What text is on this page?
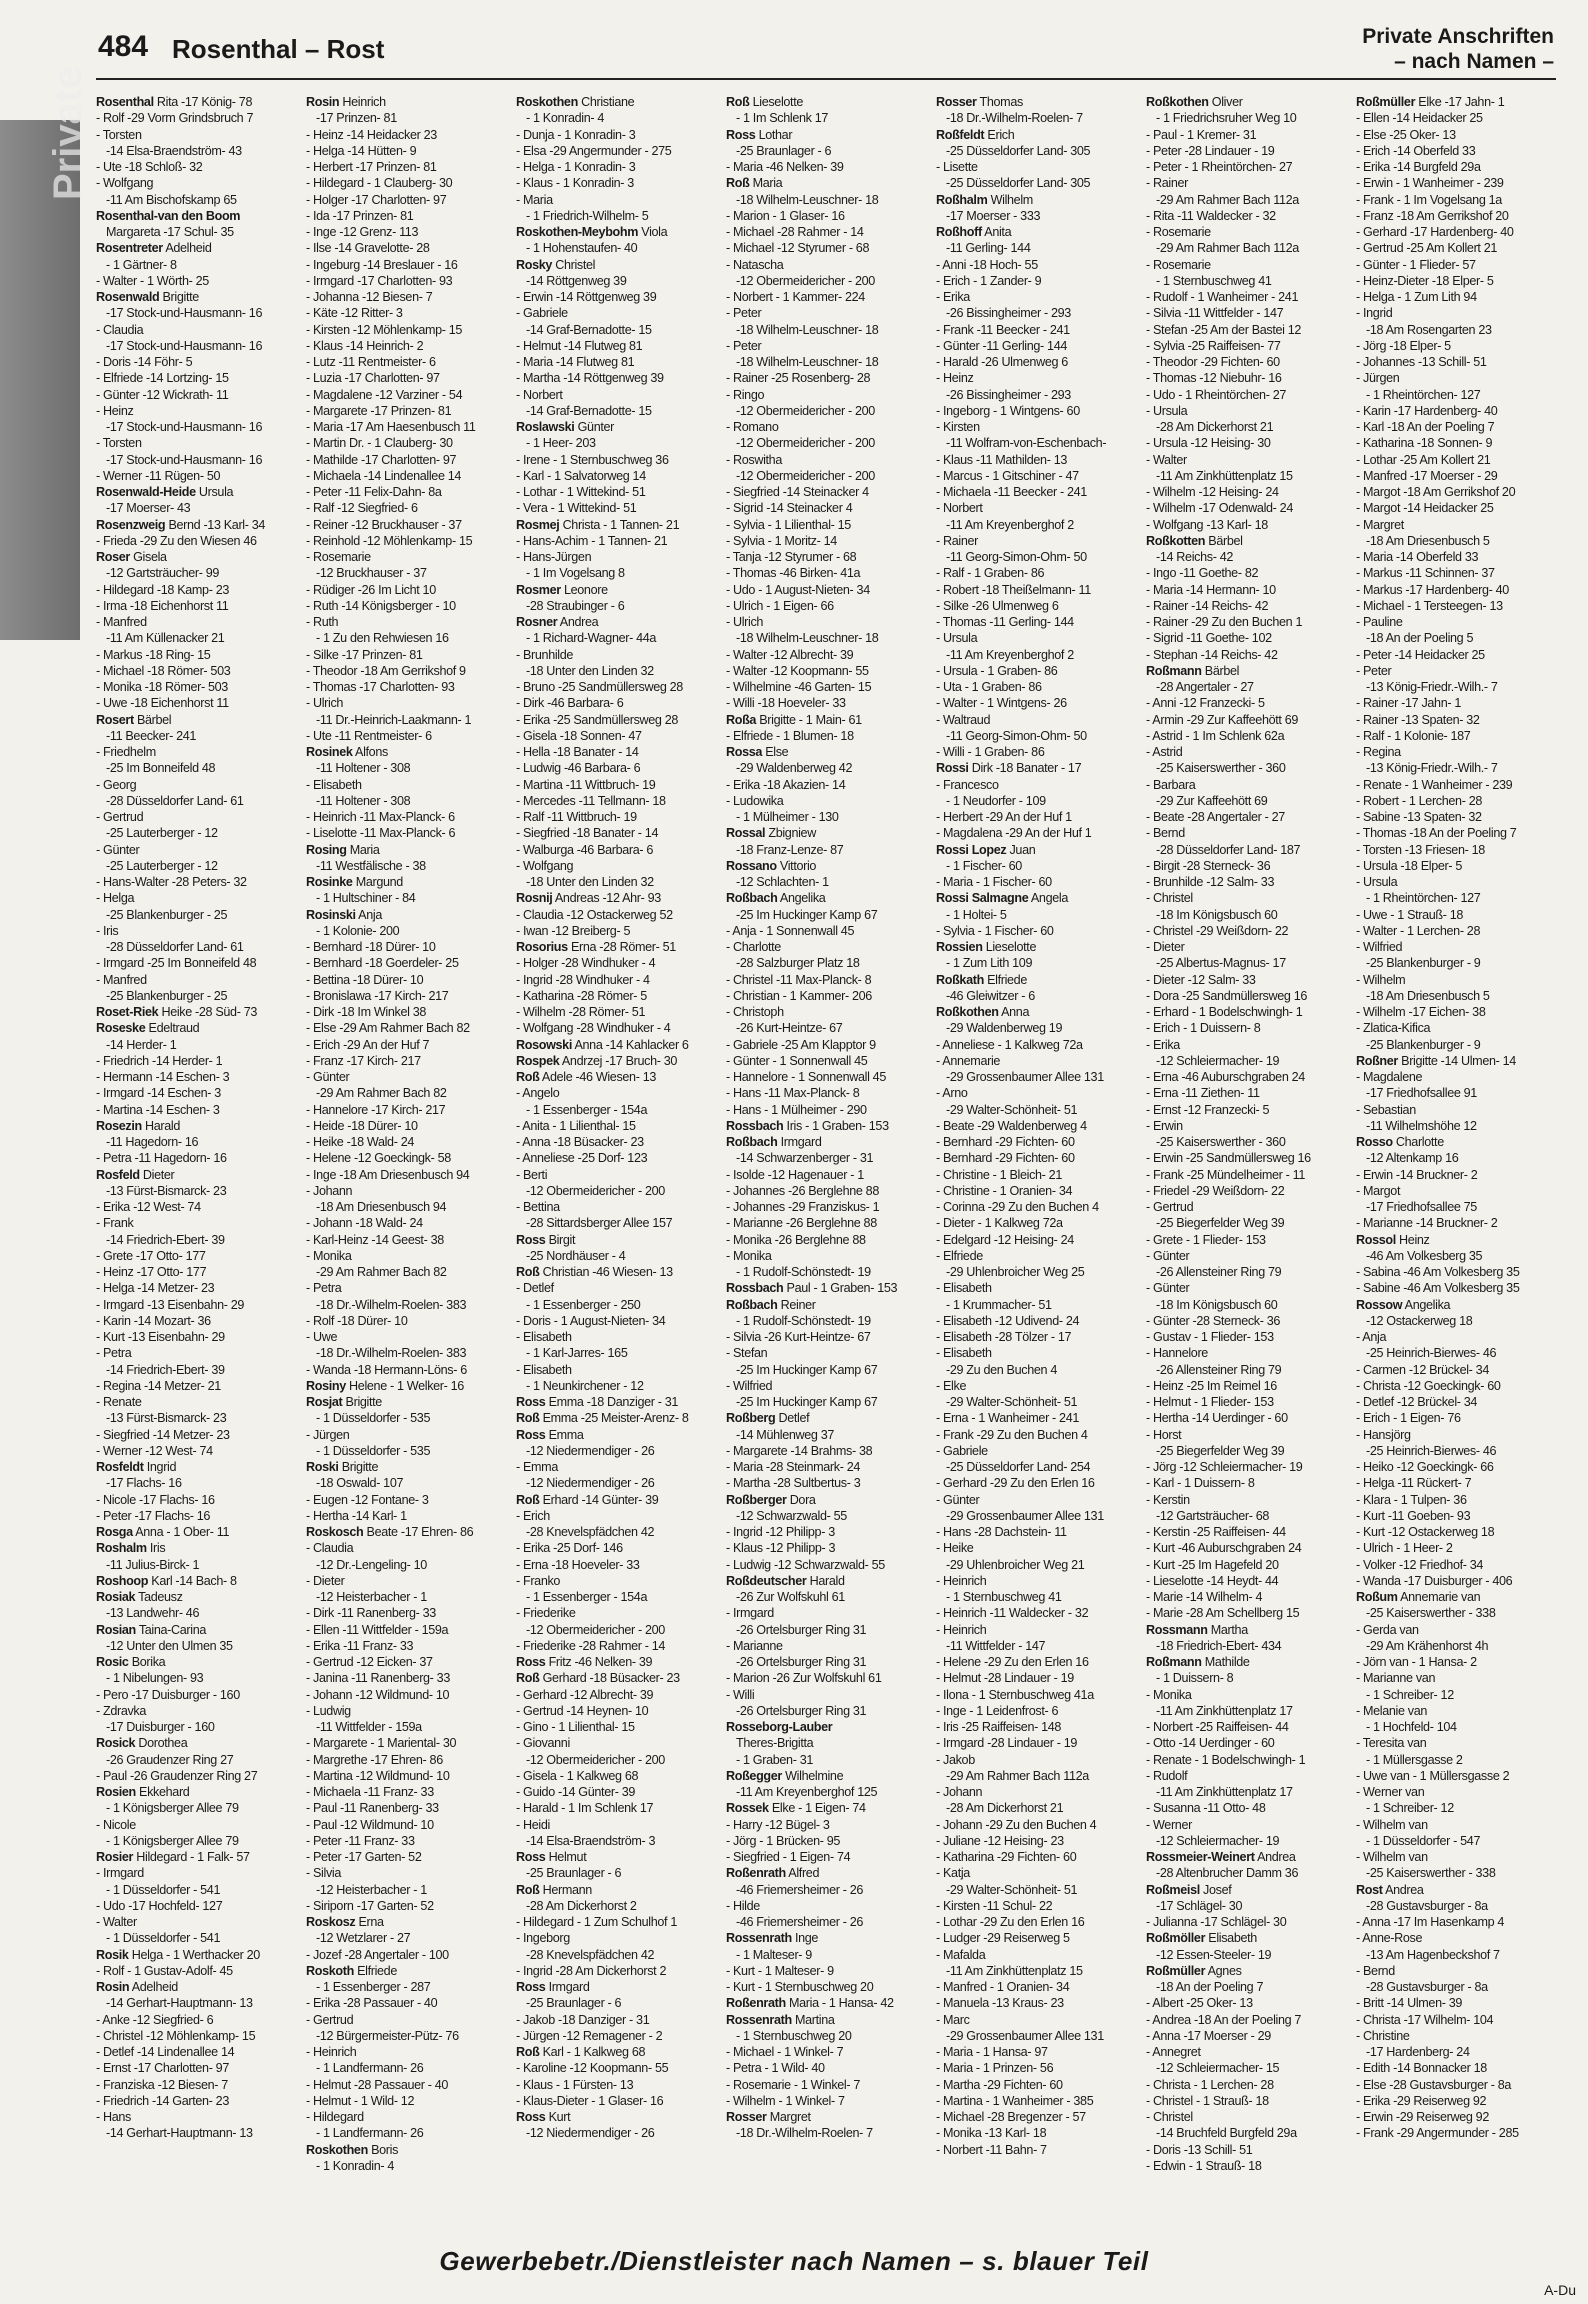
484 Rosenthal – Rost	Private Anschriften
– nach Namen –
Private Rosenthal Rita -17 König- 78
- Rolf -29 Vorm Grindsbruch 7
- Torsten
-14 Elsa-Braendström- 43
- Ute -18 Schloß- 32
- Wolfgang
-11 Am Bischofskamp 65
Rosenthal-van den Boom
Margareta -17 Schul- 35
Rosentreter Adelheid
- 1 Gärtner- 8
- Walter - 1 Wörth- 25
Rosenwald Brigitte
-17 Stock-und-Hausmann- 16
- Claudia
-17 Stock-und-Hausmann- 16
- Doris -14 Föhr- 5
- Elfriede -14 Lortzing- 15
- Günter -12 Wickrath- 11
- Heinz
-17 Stock-und-Hausmann- 16
- Torsten
-17 Stock-und-Hausmann- 16
- Werner -11 Rügen- 50
Rosenwald-Heide Ursula
-17 Moerser- 43
Rosenzweig Bernd -13 Karl- 34
- Frieda -29 Zu den Wiesen 46
Roser Gisela
-12 Gartsträucher- 99
- Hildegard -18 Kamp- 23
- Irma -18 Eichenhorst 11
- Manfred
-11 Am Küllenacker 21
- Markus -18 Ring- 15
- Michael -18 Römer- 503
- Monika -18 Römer- 503
- Uwe -18 Eichenhorst 11
Rosert Bärbel
-11 Beecker- 241
- Friedhelm
-25 Im Bonneifeld 48
- Georg
-28 Düsseldorfer Land- 61
- Gertrud
-25 Lauterberger - 12
- Günter
-25 Lauterberger - 12
- Hans-Walter -28 Peters- 32
- Helga
-25 Blankenburger - 25
- Iris
-28 Düsseldorfer Land- 61
- Irmgard -25 Im Bonneifeld 48
- Manfred
-25 Blankenburger - 25
Roset-Riek Heike -28 Süd- 73
Roseske Edeltraud
-14 Herder- 1
- Friedrich -14 Herder- 1
- Hermann -14 Eschen- 3
- Irmgard -14 Eschen- 3
- Martina -14 Eschen- 3
Rosezin Harald
-11 Hagedorn- 16
- Petra -11 Hagedorn- 16
Rosfeld Dieter
-13 Fürst-Bismarck- 23
- Erika -12 West- 74
- Frank
-14 Friedrich-Ebert- 39
- Grete -17 Otto- 177
- Heinz -17 Otto- 177
- Helga -14 Metzer- 23
- Irmgard -13 Eisenbahn- 29
- Karin -14 Mozart- 36
- Kurt -13 Eisenbahn- 29
- Petra
-14 Friedrich-Ebert- 39
- Regina -14 Metzer- 21
- Renate
-13 Fürst-Bismarck- 23
- Siegfried -14 Metzer- 23
- Werner -12 West- 74
Rosfeldt Ingrid
-17 Flachs- 16
- Nicole -17 Flachs- 16
- Peter -17 Flachs- 16
Rosga Anna - 1 Ober- 11
Roshalm Iris
-11 Julius-Birck- 1
Roshoop Karl -14 Bach- 8
Rosiak Tadeusz
-13 Landwehr- 46
Rosian Taina-Carina
-12 Unter den Ulmen 35
Rosic Borika
- 1 Nibelungen- 93
- Pero -17 Duisburger - 160
- Zdravka
-17 Duisburger - 160
Rosick Dorothea
-26 Graudenzer Ring 27
- Paul -26 Graudenzer Ring 27
Rosien Ekkehard
- 1 Königsberger Allee 79
- Nicole
- 1 Königsberger Allee 79
Rosier Hildegard - 1 Falk- 57
- Irmgard
- 1 Düsseldorfer - 541
- Udo -17 Hochfeld- 127
- Walter
- 1 Düsseldorfer - 541
Rosik Helga - 1 Werthacker 20
- Rolf - 1 Gustav-Adolf- 45
Rosin Adelheid
-14 Gerhart-Hauptmann- 13
- Anke -12 Siegfried- 6
- Christel -12 Möhlenkamp- 15
- Detlef -14 Lindenallee 14
- Ernst -17 Charlotten- 97
- Franziska -12 Biesen- 7
- Friedrich -14 Garten- 23
- Hans
-14 Gerhart-Hauptmann- 13
Rosin Heinrich
-17 Prinzen- 81
- Heinz -14 Heidacker 23
- Helga -14 Hütten- 9
- Herbert -17 Prinzen- 81
- Hildegard - 1 Clauberg- 30
- Holger -17 Charlotten- 97
- Ida -17 Prinzen- 81
- Inge -12 Grenz- 113
- Ilse -14 Gravelotte- 28
- Ingeburg -14 Breslauer - 16
- Irmgard -17 Charlotten- 93
- Johanna -12 Biesen- 7
- Käte -12 Ritter- 3
- Kirsten -12 Möhlenkamp- 15
- Klaus -14 Heinrich- 2
- Lutz -11 Rentmeister- 6
- Luzia -17 Charlotten- 97
- Magdalene -12 Varziner - 54
- Margarete -17 Prinzen- 81
- Maria -17 Am Haesenbusch 11
- Martin Dr. - 1 Clauberg- 30
- Mathilde -17 Charlotten- 97
- Michaela -14 Lindenallee 14
- Peter -11 Felix-Dahn- 8a
- Ralf -12 Siegfried- 6
- Reiner -12 Bruckhauser - 37
- Reinhold -12 Möhlenkamp- 15
- Rosemarie
-12 Bruckhauser - 37
- Rüdiger -26 Im Licht 10
- Ruth -14 Königsberger - 10
- Ruth
- 1 Zu den Rehwiesen 16
- Silke -17 Prinzen- 81
- Theodor -18 Am Gerrikshof 9
- Thomas -17 Charlotten- 93
- Ulrich
-11 Dr.-Heinrich-Laakmann- 1
- Ute -11 Rentmeister- 6
Rosinek Alfons
-11 Holtener - 308
- Elisabeth
-11 Holtener - 308
- Heinrich -11 Max-Planck- 6
- Liselotte -11 Max-Planck- 6
Rosing Maria
-11 Westfälische - 38
Rosinke Margund
- 1 Hultschiner - 84
Rosinski Anja
- 1 Kolonie- 200
- Bernhard -18 Dürer- 10
- Bernhard -18 Goerdeler- 25
- Bettina -18 Dürer- 10
- Bronislawa -17 Kirch- 217
- Dirk -18 Im Winkel 38
- Else -29 Am Rahmer Bach 82
- Erich -29 An der Huf 7
- Franz -17 Kirch- 217
- Günter
-29 Am Rahmer Bach 82
- Hannelore -17 Kirch- 217
- Heide -18 Dürer- 10
- Heike -18 Wald- 24
- Helene -12 Goeckingk- 58
- Inge -18 Am Driesenbusch 94
- Johann
-18 Am Driesenbusch 94
- Johann -18 Wald- 24
- Karl-Heinz -14 Geest- 38
- Monika
-29 Am Rahmer Bach 82
- Petra
-18 Dr.-Wilhelm-Roelen- 383
- Rolf -18 Dürer- 10
- Uwe
-18 Dr.-Wilhelm-Roelen- 383
- Wanda -18 Hermann-Löns- 6
Rosiny Helene - 1 Welker- 16
Rosjat Brigitte
- 1 Düsseldorfer - 535
- Jürgen
- 1 Düsseldorfer - 535
Roski Brigitte
-18 Oswald- 107
- Eugen -12 Fontane- 3
- Hertha -14 Karl- 1
Roskosch Beate -17 Ehren- 86
- Claudia
-12 Dr.-Lengeling- 10
- Dieter
-12 Heisterbacher - 1
- Dirk -11 Ranenberg- 33
- Ellen -11 Wittfelder - 159a
- Erika -11 Franz- 33
- Gertrud -12 Eicken- 37
- Janina -11 Ranenberg- 33
- Johann -12 Wildmund- 10
- Ludwig
-11 Wittfelder - 159a
- Margarete - 1 Mariental- 30
- Margrethe -17 Ehren- 86
- Martina -12 Wildmund- 10
- Michaela -11 Franz- 33
- Paul -11 Ranenberg- 33
- Paul -12 Wildmund- 10
- Peter -11 Franz- 33
- Peter -17 Garten- 52
- Silvia
-12 Heisterbacher - 1
- Siriporn -17 Garten- 52
Roskosz Erna
-12 Wetzlarer - 27
- Jozef -28 Angertaler - 100
Roskoth Elfriede
- 1 Essenberger - 287
- Erika -28 Passauer - 40
- Gertrud
-12 Bürgermeister-Pütz- 76
- Heinrich
- 1 Landfermann- 26
- Helmut -28 Passauer - 40
- Helmut - 1 Wild- 12
- Hildegard
- 1 Landfermann- 26
Roskothen Boris
- 1 Konradin- 4
Roskothen Christiane
- 1 Konradin- 4
- Dunja - 1 Konradin- 3
- Elsa -29 Angermunder - 275
- Helga - 1 Konradin- 3
- Klaus - 1 Konradin- 3
- Maria
- 1 Friedrich-Wilhelm- 5
Roskothen-Meybohm Viola
- 1 Hohenstaufen- 40
Rosky Christel
-14 Röttgenweg 39
- Erwin -14 Röttgenweg 39
- Gabriele
-14 Graf-Bernadotte- 15
- Helmut -14 Flutweg 81
- Maria -14 Flutweg 81
- Martha -14 Röttgenweg 39
- Norbert
-14 Graf-Bernadotte- 15
Roslawski Günter
- 1 Heer- 203
- Irene - 1 Sternbuschweg 36
- Karl - 1 Salvatorweg 14
- Lothar - 1 Wittekind- 51
- Vera - 1 Wittekind- 51
Rosmej Christa - 1 Tannen- 21
- Hans-Achim - 1 Tannen- 21
- Hans-Jürgen
- 1 Im Vogelsang 8
Rosmer Leonore
-28 Straubinger - 6
Rosner Andrea
- 1 Richard-Wagner- 44a
- Brunhilde
-18 Unter den Linden 32
- Bruno -25 Sandmüllersweg 28
- Dirk -46 Barbara- 6
- Erika -25 Sandmüllersweg 28
- Gisela -18 Sonnen- 47
- Hella -18 Banater - 14
- Ludwig -46 Barbara- 6
- Martina -11 Wittbruch- 19
- Mercedes -11 Tellmann- 18
- Ralf -11 Wittbruch- 19
- Siegfried -18 Banater - 14
- Walburga -46 Barbara- 6
- Wolfgang
-18 Unter den Linden 32
Rosnij Andreas -12 Ahr- 93
- Claudia -12 Ostackerweg 52
- Iwan -12 Breiberg- 5
Rosorius Erna -28 Römer- 51
- Holger -28 Windhuker - 4
- Ingrid -28 Windhuker - 4
- Katharina -28 Römer- 5
- Wilhelm -28 Römer- 51
- Wolfgang -28 Windhuker - 4
Rosowski Anna -14 Kahlacker 6
Rospek Andrzej -17 Bruch- 30
Roß Adele -46 Wiesen- 13
- Angelo
- 1 Essenberger - 154a
- Anita - 1 Lilienthal- 15
- Anna -18 Büsacker- 23
- Anneliese -25 Dorf- 123
- Berti
-12 Obermeidericher - 200
- Bettina
-28 Sittardsberger Allee 157
Ross Birgit
-25 Nordhäuser - 4
Roß Christian -46 Wiesen- 13
- Detlef
- 1 Essenberger - 250
- Doris - 1 August-Nieten- 34
- Elisabeth
- 1 Karl-Jarres- 165
- Elisabeth
- 1 Neunkirchener - 12
Ross Emma -18 Danziger - 31
Roß Emma -25 Meister-Arenz- 8
Ross Emma
-12 Niedermendiger - 26
- Emma
-12 Niedermendiger - 26
Roß Erhard -14 Günter- 39
- Erich
-28 Knevelspfädchen 42
- Erika -25 Dorf- 146
- Erna -18 Hoeveler- 33
- Franko
- 1 Essenberger - 154a
- Friederike
-12 Obermeidericher - 200
- Friederike -28 Rahmer - 14
Ross Fritz -46 Nelken- 39
Roß Gerhard -18 Büsacker- 23
- Gerhard -12 Albrecht- 39
- Gertrud -14 Heynen- 10
- Gino - 1 Lilienthal- 15
- Giovanni
-12 Obermeidericher - 200
- Gisela - 1 Kalkweg 68
- Guido -14 Günter- 39
- Harald - 1 Im Schlenk 17
- Heidi
-14 Elsa-Braendström- 3
Ross Helmut
-25 Braunlager - 6
Roß Hermann
-28 Am Dickerhorst 2
- Hildegard - 1 Zum Schulhof 1
- Ingeborg
-28 Knevelspfädchen 42
- Ingrid -28 Am Dickerhorst 2
Ross Irmgard
-25 Braunlager - 6
- Jakob -18 Danziger - 31
- Jürgen -12 Remagener - 2
Roß Karl - 1 Kalkweg 68
- Karoline -12 Koopmann- 55
- Klaus - 1 Fürsten- 13
- Klaus-Dieter - 1 Glaser- 16
Ross Kurt
-12 Niedermendiger - 26
Roß Lieselotte
- 1 Im Schlenk 17
Ross Lothar
-25 Braunlager - 6
- Maria -46 Nelken- 39
Roß Maria
-18 Wilhelm-Leuschner- 18
- Marion - 1 Glaser- 16
- Michael -28 Rahmer - 14
- Michael -12 Styrumer - 68
- Natascha
-12 Obermeidericher - 200
- Norbert - 1 Kammer- 224
- Peter
-18 Wilhelm-Leuschner- 18
- Peter
-18 Wilhelm-Leuschner- 18
- Rainer -25 Rosenberg- 28
- Ringo
-12 Obermeidericher - 200
- Romano
-12 Obermeidericher - 200
- Roswitha
-12 Obermeidericher - 200
- Siegfried -14 Steinacker 4
- Sigrid -14 Steinacker 4
- Sylvia - 1 Lilienthal- 15
- Sylvia - 1 Moritz- 14
- Tanja -12 Styrumer - 68
- Thomas -46 Birken- 41a
- Udo - 1 August-Nieten- 34
- Ulrich - 1 Eigen- 66
- Ulrich
-18 Wilhelm-Leuschner- 18
- Walter -12 Albrecht- 39
- Walter -12 Koopmann- 55
- Wilhelmine -46 Garten- 15
- Willi -18 Hoeveler- 33
Roßa Brigitte - 1 Main- 61
- Elfriede - 1 Blumen- 18
Rossa Else
-29 Waldenberweg 42
- Erika -18 Akazien- 14
- Ludowika
- 1 Mülheimer - 130
Rossal Zbigniew
-18 Franz-Lenze- 87
Rossano Vittorio
-12 Schlachten- 1
Roßbach Angelika
-25 Im Huckinger Kamp 67
- Anja - 1 Sonnenwall 45
- Charlotte
-28 Salzburger Platz 18
- Christel -11 Max-Planck- 8
- Christian - 1 Kammer- 206
- Christoph
-26 Kurt-Heintze- 67
- Gabriele -25 Am Klapptor 9
- Günter - 1 Sonnenwall 45
- Hannelore - 1 Sonnenwall 45
- Hans -11 Max-Planck- 8
- Hans - 1 Mülheimer - 290
Rossbach Iris - 1 Graben- 153
Roßbach Irmgard
-14 Schwarzenberger - 31
- Isolde -12 Hagenauer - 1
- Johannes -26 Berglehne 88
- Johannes -29 Franziskus- 1
- Marianne -26 Berglehne 88
- Monika -26 Berglehne 88
- Monika
- 1 Rudolf-Schönstedt- 19
Rossbach Paul - 1 Graben- 153
Roßbach Reiner
- 1 Rudolf-Schönstedt- 19
- Silvia -26 Kurt-Heintze- 67
- Stefan
-25 Im Huckinger Kamp 67
- Wilfried
-25 Im Huckinger Kamp 67
Roßberg Detlef
-14 Mühlenweg 37
- Margarete -14 Brahms- 38
- Maria -28 Steinmark- 24
- Martha -28 Sultbertus- 3
Roßberger Dora
-12 Schwarzwald- 55
- Ingrid -12 Philipp- 3
- Klaus -12 Philipp- 3
- Ludwig -12 Schwarzwald- 55
Roßdeutscher Harald
-26 Zur Wolfskuhl 61
- Irmgard
-26 Ortelsburger Ring 31
- Marianne
-26 Ortelsburger Ring 31
- Marion -26 Zur Wolfskuhl 61
- Willi
-26 Ortelsburger Ring 31
Rosseborg-Lauber
Theres-Brigitta
- 1 Graben- 31
Roßegger Wilhelmine
-11 Am Kreyenberghof 125
Rossek Elke - 1 Eigen- 74
- Harry -12 Bügel- 3
- Jörg - 1 Brücken- 95
- Siegfried - 1 Eigen- 74
Roßenrath Alfred
-46 Friemersheimer - 26
- Hilde
-46 Friemersheimer - 26
Rossenrath Inge
- 1 Malteser- 9
- Kurt - 1 Malteser- 9
- Kurt - 1 Sternbuschweg 20
Roßenrath Maria - 1 Hansa- 42
Rossenrath Martina
- 1 Sternbuschweg 20
- Michael - 1 Winkel- 7
- Petra - 1 Wild- 40
- Rosemarie - 1 Winkel- 7
- Wilhelm - 1 Winkel- 7
Rosser Margret
-18 Dr.-Wilhelm-Roelen- 7
Rosser Thomas
-18 Dr.-Wilhelm-Roelen- 7
Roßfeldt Erich
-25 Düsseldorfer Land- 305
- Lisette
-25 Düsseldorfer Land- 305
Roßhalm Wilhelm
-17 Moerser - 333
Roßhoff Anita
-11 Gerling- 144
- Anni -18 Hoch- 55
- Erich - 1 Zander- 9
- Erika
-26 Bissingheimer - 293
- Frank -11 Beecker - 241
- Günter -11 Gerling- 144
- Harald -26 Ulmenweg 6
- Heinz
-26 Bissingheimer - 293
- Ingeborg - 1 Wintgens- 60
- Kirsten
-11 Wolfram-von-Eschenbach-
- Klaus -11 Mathilden- 13
- Marcus - 1 Gitschiner - 47
- Michaela -11 Beecker - 241
- Norbert
-11 Am Kreyenberghof 2
- Rainer
-11 Georg-Simon-Ohm- 50
- Ralf - 1 Graben- 86
- Robert -18 Theißelmann- 11
- Silke -26 Ulmenweg 6
- Thomas -11 Gerling- 144
- Ursula
-11 Am Kreyenberghof 2
- Ursula - 1 Graben- 86
- Uta - 1 Graben- 86
- Walter - 1 Wintgens- 26
- Waltraud
-11 Georg-Simon-Ohm- 50
- Willi - 1 Graben- 86
Rossi Dirk -18 Banater - 17
- Francesco
- 1 Neudorfer - 109
- Herbert -29 An der Huf 1
- Magdalena -29 An der Huf 1
Rossi Lopez Juan
- 1 Fischer- 60
- Maria - 1 Fischer- 60
Rossi Salmagne Angela
- 1 Holtei- 5
- Sylvia - 1 Fischer- 60
Rossien Lieselotte
- 1 Zum Lith 109
Roßkath Elfriede
-46 Gleiwitzer - 6
Roßkothen Anna
-29 Waldenberweg 19
- Anneliese - 1 Kalkweg 72a
- Annemarie
-29 Grossenbaumer Allee 131
- Arno
-29 Walter-Schönheit- 51
- Beate -29 Waldenberweg 4
- Bernhard -29 Fichten- 60
- Bernhard -29 Fichten- 60
- Christine - 1 Bleich- 21
- Christine - 1 Oranien- 34
- Corinna -29 Zu den Buchen 4
- Dieter - 1 Kalkweg 72a
- Edelgard -12 Heising- 24
- Elfriede
-29 Uhlenbroicher Weg 25
- Elisabeth
- 1 Krummacher- 51
- Elisabeth -12 Udivend- 24
- Elisabeth -28 Tölzer - 17
- Elisabeth
-29 Zu den Buchen 4
- Elke
-29 Walter-Schönheit- 51
- Erna - 1 Wanheimer - 241
- Frank -29 Zu den Buchen 4
- Gabriele
-25 Düsseldorfer Land- 254
- Gerhard -29 Zu den Erlen 16
- Günter
-29 Grossenbaumer Allee 131
- Hans -28 Dachstein- 11
- Heike
-29 Uhlenbroicher Weg 21
- Heinrich
- 1 Sternbuschweg 41
- Heinrich -11 Waldecker - 32
- Heinrich
-11 Wittfelder - 147
- Helene -29 Zu den Erlen 16
- Helmut -28 Lindauer - 19
- Ilona - 1 Sternbuschweg 41a
- Inge - 1 Leidenfrost- 6
- Iris -25 Raiffeisen- 148
- Irmgard -28 Lindauer - 19
- Jakob
-29 Am Rahmer Bach 112a
- Johann
-28 Am Dickerhorst 21
- Johann -29 Zu den Buchen 4
- Juliane -12 Heising- 23
- Katharina -29 Fichten- 60
- Katja
-29 Walter-Schönheit- 51
- Kirsten -11 Schul- 22
- Lothar -29 Zu den Erlen 16
- Ludger -29 Reiserweg 5
- Mafalda
-11 Am Zinkhüttenplatz 15
- Manfred - 1 Oranien- 34
- Manuela -13 Kraus- 23
- Marc
-29 Grossenbaumer Allee 131
- Maria - 1 Hansa- 97
- Maria - 1 Prinzen- 56
- Martha -29 Fichten- 60
- Martina - 1 Wanheimer - 385
- Michael -28 Bregenzer - 57
- Monika -13 Karl- 18
- Norbert -11 Bahn- 7
Roßkothen Oliver
- 1 Friedrichsruher Weg 10
- Paul - 1 Kremer- 31
- Peter -28 Lindauer - 19
- Peter - 1 Rheintörchen- 27
- Rainer
-29 Am Rahmer Bach 112a
- Rita -11 Waldecker - 32
- Rosemarie
-29 Am Rahmer Bach 112a
- Rosemarie
- 1 Sternbuschweg 41
- Rudolf - 1 Wanheimer - 241
- Silvia -11 Wittfelder - 147
- Stefan -25 Am der Bastei 12
- Sylvia -25 Raiffeisen- 77
- Theodor -29 Fichten- 60
- Thomas -12 Niebuhr- 16
- Udo - 1 Rheintörchen- 27
- Ursula
-28 Am Dickerhorst 21
- Ursula -12 Heising- 30
- Walter
-11 Am Zinkhüttenplatz 15
- Wilhelm -12 Heising- 24
- Wilhelm -17 Odenwald- 24
- Wolfgang -13 Karl- 18
Roßkotten Bärbel
-14 Reichs- 42
- Ingo -11 Goethe- 82
- Maria -14 Hermann- 10
- Rainer -14 Reichs- 42
- Rainer -29 Zu den Buchen 1
- Sigrid -11 Goethe- 102
- Stephan -14 Reichs- 42
Roßmann Bärbel
-28 Angertaler - 27
- Anni -12 Franzecki- 5
- Armin -29 Zur Kaffeehött 69
- Astrid - 1 Im Schlenk 62a
- Astrid
-25 Kaiserswerther - 360
- Barbara
-29 Zur Kaffeehött 69
- Beate -28 Angertaler - 27
- Bernd
-28 Düsseldorfer Land- 187
- Birgit -28 Sterneck- 36
- Brunhilde -12 Salm- 33
- Christel
-18 Im Königsbusch 60
- Christel -29 Weißdorn- 22
- Dieter
-25 Albertus-Magnus- 17
- Dieter -12 Salm- 33
- Dora -25 Sandmüllersweg 16
- Erhard - 1 Bodelschwingh- 1
- Erich - 1 Duissern- 8
- Erika
-12 Schleiermacher- 19
- Erna -46 Auburschgraben 24
- Erna -11 Ziethen- 11
- Ernst -12 Franzecki- 5
- Erwin
-25 Kaiserswerther - 360
- Erwin -25 Sandmüllersweg 16
- Frank -25 Mündelheimer - 11
- Friedel -29 Weißdorn- 22
- Gertrud
-25 Biegerfelder Weg 39
- Grete - 1 Flieder- 153
- Günter
-26 Allensteiner Ring 79
- Günter
-18 Im Königsbusch 60
- Günter -28 Sterneck- 36
- Gustav - 1 Flieder- 153
- Hannelore
-26 Allensteiner Ring 79
- Heinz -25 Im Reimel 16
- Helmut - 1 Flieder- 153
- Hertha -14 Uerdinger - 60
- Horst
-25 Biegerfelder Weg 39
- Jörg -12 Schleiermacher- 19
- Karl - 1 Duissern- 8
- Kerstin
-12 Gartsträucher- 68
- Kerstin -25 Raiffeisen- 44
- Kurt -46 Auburschgraben 24
- Kurt -25 Im Hagefeld 20
- Lieselotte -14 Heydt- 44
- Marie -14 Wilhelm- 4
- Marie -28 Am Schellberg 15
Rossmann Martha
-18 Friedrich-Ebert- 434
Roßmann Mathilde
- 1 Duissern- 8
- Monika
-11 Am Zinkhüttenplatz 17
- Norbert -25 Raiffeisen- 44
- Otto -14 Uerdinger - 60
- Renate - 1 Bodelschwingh- 1
- Rudolf
-11 Am Zinkhüttenplatz 17
- Susanna -11 Otto- 48
- Werner
-12 Schleiermacher- 19
Rossmeier-Weinert Andrea
-28 Altenbrucher Damm 36
Roßmeisl Josef
-17 Schlägel- 30
- Julianna -17 Schlägel- 30
Roßmöller Elisabeth
-12 Essen-Steeler- 19
Roßmüller Agnes
-18 An der Poeling 7
- Albert -25 Oker- 13
- Andrea -18 An der Poeling 7
- Anna -17 Moerser - 29
- Annegret
-12 Schleiermacher- 15
- Christa - 1 Lerchen- 28
- Christel - 1 Strauß- 18
- Christel
-14 Bruchfeld Burgfeld 29a
- Doris -13 Schill- 51
- Edwin - 1 Strauß- 18
Roßmüller Elke -17 Jahn- 1
- Ellen -14 Heidacker 25
- Else -25 Oker- 13
- Erich -14 Oberfeld 33
- Erika -14 Burgfeld 29a
- Erwin - 1 Wanheimer - 239
- Frank - 1 Im Vogelsang 1a
- Franz -18 Am Gerrikshof 20
- Gerhard -17 Hardenberg- 40
- Gertrud -25 Am Kollert 21
- Günter - 1 Flieder- 57
- Heinz-Dieter -18 Elper- 5
- Helga - 1 Zum Lith 94
- Ingrid
-18 Am Rosengarten 23
- Jörg -18 Elper- 5
- Johannes -13 Schill- 51
- Jürgen
- 1 Rheintörchen- 127
- Karin -17 Hardenberg- 40
- Karl -18 An der Poeling 7
- Katharina -18 Sonnen- 9
- Lothar -25 Am Kollert 21
- Manfred -17 Moerser - 29
- Margot -18 Am Gerrikshof 20
- Margot -14 Heidacker 25
- Margret
-18 Am Driesenbusch 5
- Maria -14 Oberfeld 33
- Markus -11 Schinnen- 37
- Markus -17 Hardenberg- 40
- Michael - 1 Tersteegen- 13
- Pauline
-18 An der Poeling 5
- Peter -14 Heidacker 25
- Peter
-13 König-Friedr.-Wilh.- 7
- Rainer -17 Jahn- 1
- Rainer -13 Spaten- 32
- Ralf - 1 Kolonie- 187
- Regina
-13 König-Friedr.-Wilh.- 7
- Renate - 1 Wanheimer - 239
- Robert - 1 Lerchen- 28
- Sabine -13 Spaten- 32
- Thomas -18 An der Poeling 7
- Torsten -13 Friesen- 18
- Ursula -18 Elper- 5
- Ursula
- 1 Rheintörchen- 127
- Uwe - 1 Strauß- 18
- Walter - 1 Lerchen- 28
- Wilfried
-25 Blankenburger - 9
- Wilhelm
-18 Am Driesenbusch 5
- Wilhelm -17 Eichen- 38
- Zlatica-Kifica
-25 Blankenburger - 9
Roßner Brigitte -14 Ulmen- 14
- Magdalene
-17 Friedhofsallee 91
- Sebastian
-11 Wilhelmshöhe 12
Rosso Charlotte
-12 Altenkamp 16
- Erwin -14 Bruckner- 2
- Margot
-17 Friedhofsallee 75
- Marianne -14 Bruckner- 2
Rossol Heinz
-46 Am Volkesberg 35
- Sabina -46 Am Volkesberg 35
- Sabine -46 Am Volkesberg 35
Rossow Angelika
-12 Ostackerweg 18
- Anja
-25 Heinrich-Bierwes- 46
- Carmen -12 Brückel- 34
- Christa -12 Goeckingk- 60
- Detlef -12 Brückel- 34
- Erich - 1 Eigen- 76
- Hansjörg
-25 Heinrich-Bierwes- 46
- Heiko -12 Goeckingk- 66
- Helga -11 Rückert- 7
- Klara - 1 Tulpen- 36
- Kurt -11 Goeben- 93
- Kurt -12 Ostackerweg 18
- Ulrich - 1 Heer- 2
- Volker -12 Friedhof- 34
- Wanda -17 Duisburger - 406
Roßum Annemarie van
-25 Kaiserswerther - 338
- Gerda van
-29 Am Krähenhorst 4h
- Jörn van - 1 Hansa- 2
- Marianne van
- 1 Schreiber- 12
- Melanie van
- 1 Hochfeld- 104
- Teresita van
- 1 Müllersgasse 2
- Uwe van - 1 Müllersgasse 2
- Werner van
- 1 Schreiber- 12
- Wilhelm van
- 1 Düsseldorfer - 547
- Wilhelm van
-25 Kaiserswerther - 338
Rost Andrea
-28 Gustavsburger - 8a
- Anna -17 Im Hasenkamp 4
- Anne-Rose
-13 Am Hagenbeckshof 7
- Bernd
-28 Gustavsburger - 8a
- Britt -14 Ulmen- 39
- Christa -17 Wilhelm- 104
- Christine
-17 Hardenberg- 24
- Edith -14 Bonnacker 18
- Else -28 Gustavsburger - 8a
- Erika -29 Reiserweg 92
- Erwin -29 Reiserweg 92
- Frank -29 Angermunder - 285
Gewerbebetr./Dienstleister nach Namen – s. blauer Teil
A-Du
